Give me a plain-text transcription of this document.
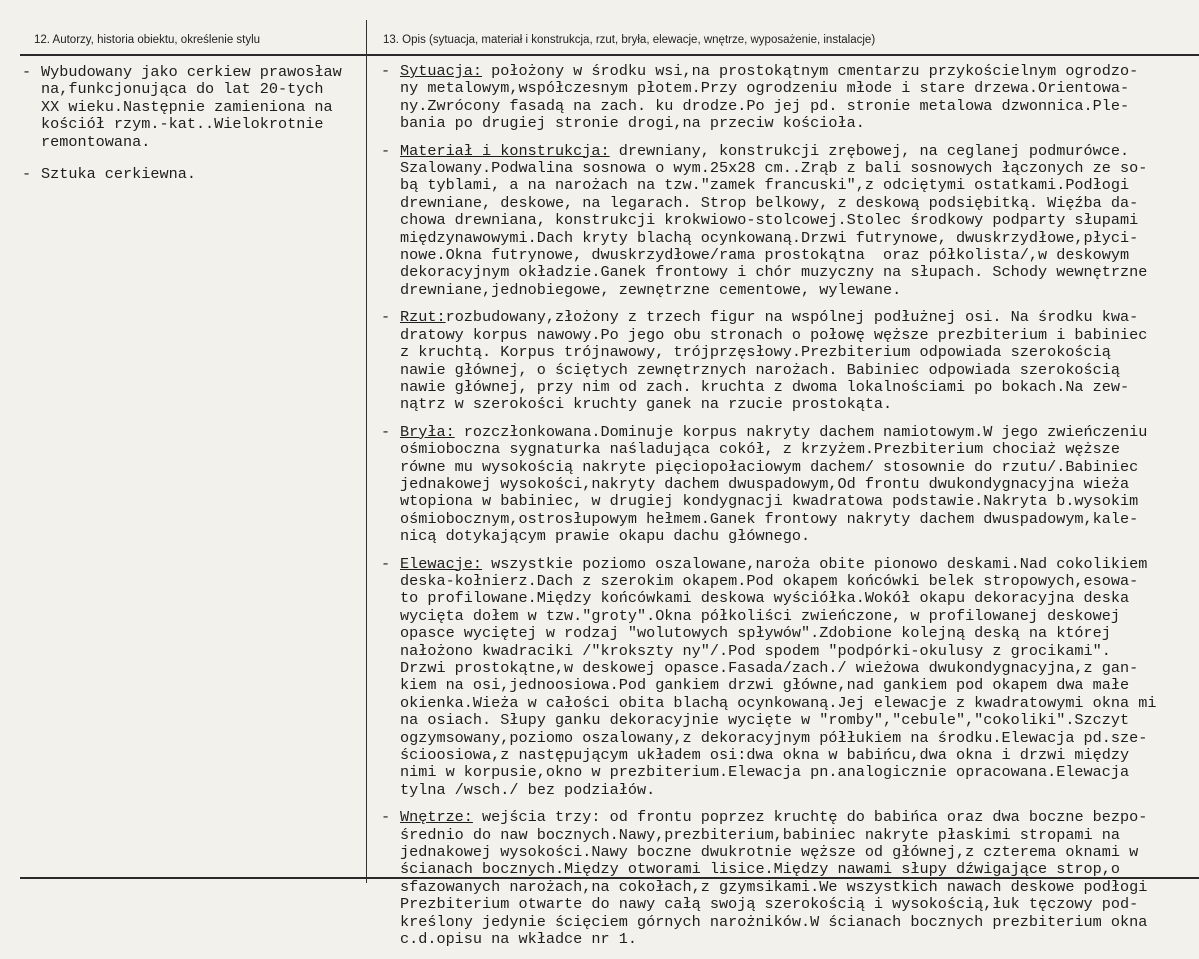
12. Autorzy, historia obiektu, określenie stylu	13. Opis (sytuacja, materiał i konstrukcja, rzut, bryła, elewacje, wnętrze, wyposażenie, instalacje)
- Wybudowany jako cerkiew prawosław
na,funkcjonująca do lat 20-tych
XX wieku.Następnie zamieniona na
kościół rzym.-kat..Wielokrotnie
remontowana.
- Sztuka cerkiewna.
- Sytuacja: położony w środku wsi,na prostokątnym cmentarzu przykościelnym ogrodzo-
ny metalowym,współczesnym płotem.Przy ogrodzeniu młode i stare drzewa.Orientowa-
ny.Zwrócony fasadą na zach. ku drodze.Po jej pd. stronie metalowa dzwonnica.Ple-
bania po drugiej stronie drogi,na przeciw kościoła.
- Materiał i konstrukcja: drewniany, konstrukcji zrębowej, na ceglanej podmurówce.
Szalowany.Podwalina sosnowa o wym.25x28 cm..Zrąb z bali sosnowych łączonych ze so-
bą tyblami, a na narożach na tzw."zamek francuski",z odciętymi ostatkami.Podłogi
drewniane, deskowe, na legarach. Strop belkowy, z deskową podsiębitką. Więźba da-
chowa drewniana, konstrukcji krokwiowo-stolcowej.Stolec środkowy podparty słupami
międzynawowymi.Dach kryty blachą ocynkowaną.Drzwi futrynowe, dwuskrzydłowe,płyci-
nowe.Okna futrynowe, dwuskrzydłowe/rama prostokątna  oraz półkolista/,w deskowym
dekoracyjnym okładzie.Ganek frontowy i chór muzyczny na słupach. Schody wewnętrzne
drewniane,jednobiegowe, zewnętrzne cementowe, wylewane.
- Rzut:rozbudowany,złożony z trzech figur na wspólnej podłużnej osi. Na środku kwa-
dratowy korpus nawowy.Po jego obu stronach o połowę węższe prezbiterium i babiniec
z kruchtą. Korpus trójnawowy, trójprzęsłowy.Prezbiterium odpowiada szerokością
nawie głównej, o ściętych zewnętrznych narożach. Babiniec odpowiada szerokością
nawie głównej, przy nim od zach. kruchta z dwoma lokalnościami po bokach.Na zew-
nątrz w szerokości kruchty ganek na rzucie prostokąta.
- Bryła: rozczłonkowana.Dominuje korpus nakryty dachem namiotowym.W jego zwieńczeniu
ośmioboczna sygnaturka naśladująca cokół, z krzyżem.Prezbiterium chociaż węższe
równe mu wysokością nakryte pięciopołaciowym dachem/ stosownie do rzutu/.Babiniec
jednakowej wysokości,nakryty dachem dwuspadowym,Od frontu dwukondygnacyjna wieża
wtopiona w babiniec, w drugiej kondygnacji kwadratowa podstawie.Nakryta b.wysokim
ośmiobocznym,ostrosłupowym hełmem.Ganek frontowy nakryty dachem dwuspadowym,kale-
nicą dotykającym prawie okapu dachu głównego.
- Elewacje: wszystkie poziomo oszalowane,naroża obite pionowo deskami.Nad cokolikiem
deska-kołnierz.Dach z szerokim okapem.Pod okapem końcówki belek stropowych,esowa-
to profilowane.Między końcówkami deskowa wyściółka.Wokół okapu dekoracyjna deska
wycięta dołem w tzw."groty".Okna półkoliści zwieńczone, w profilowanej deskowej
opasce wyciętej w rodzaj "wolutowych spływów".Zdobione kolejną deską na której
nałożono kwadraciki /"krokszty ny"/.Pod spodem "podpórki-okulusy z grocikami".
Drzwi prostokątne,w deskowej opasce.Fasada/zach./ wieżowa dwukondygnacyjna,z gan-
kiem na osi,jednoosiowa.Pod gankiem drzwi główne,nad gankiem pod okapem dwa małe
okienka.Wieża w całości obita blachą ocynkowaną.Jej elewacje z kwadratowymi okna mi
na osiach. Słupy ganku dekoracyjnie wycięte w "romby","cebule","cokoliki".Szczyt
ogzymsowany,poziomo oszalowany,z dekoracyjnym półłukiem na środku.Elewacja pd.sze-
ścioosiowa,z następującym układem osi:dwa okna w babińcu,dwa okna i drzwi między
nimi w korpusie,okno w prezbiterium.Elewacja pn.analogicznie opracowana.Elewacja
tylna /wsch./ bez podziałów.
- Wnętrze: wejścia trzy: od frontu poprzez kruchtę do babińca oraz dwa boczne bezpo-
średnio do naw bocznych.Nawy,prezbiterium,babiniec nakryte płaskimi stropami na
jednakowej wysokości.Nawy boczne dwukrotnie węższe od głównej,z czterema oknami w
ścianach bocznych.Między otworami lisice.Między nawami słupy dźwigające strop,o
sfazowanych narożach,na cokołach,z gzymsikami.We wszystkich nawach deskowe podłogi
Prezbiterium otwarte do nawy całą swoją szerokością i wysokością,łuk tęczowy pod-
kreślony jedynie ścięciem górnych narożników.W ścianach bocznych prezbiterium okna
c.d.opisu na wkładce nr 1.
